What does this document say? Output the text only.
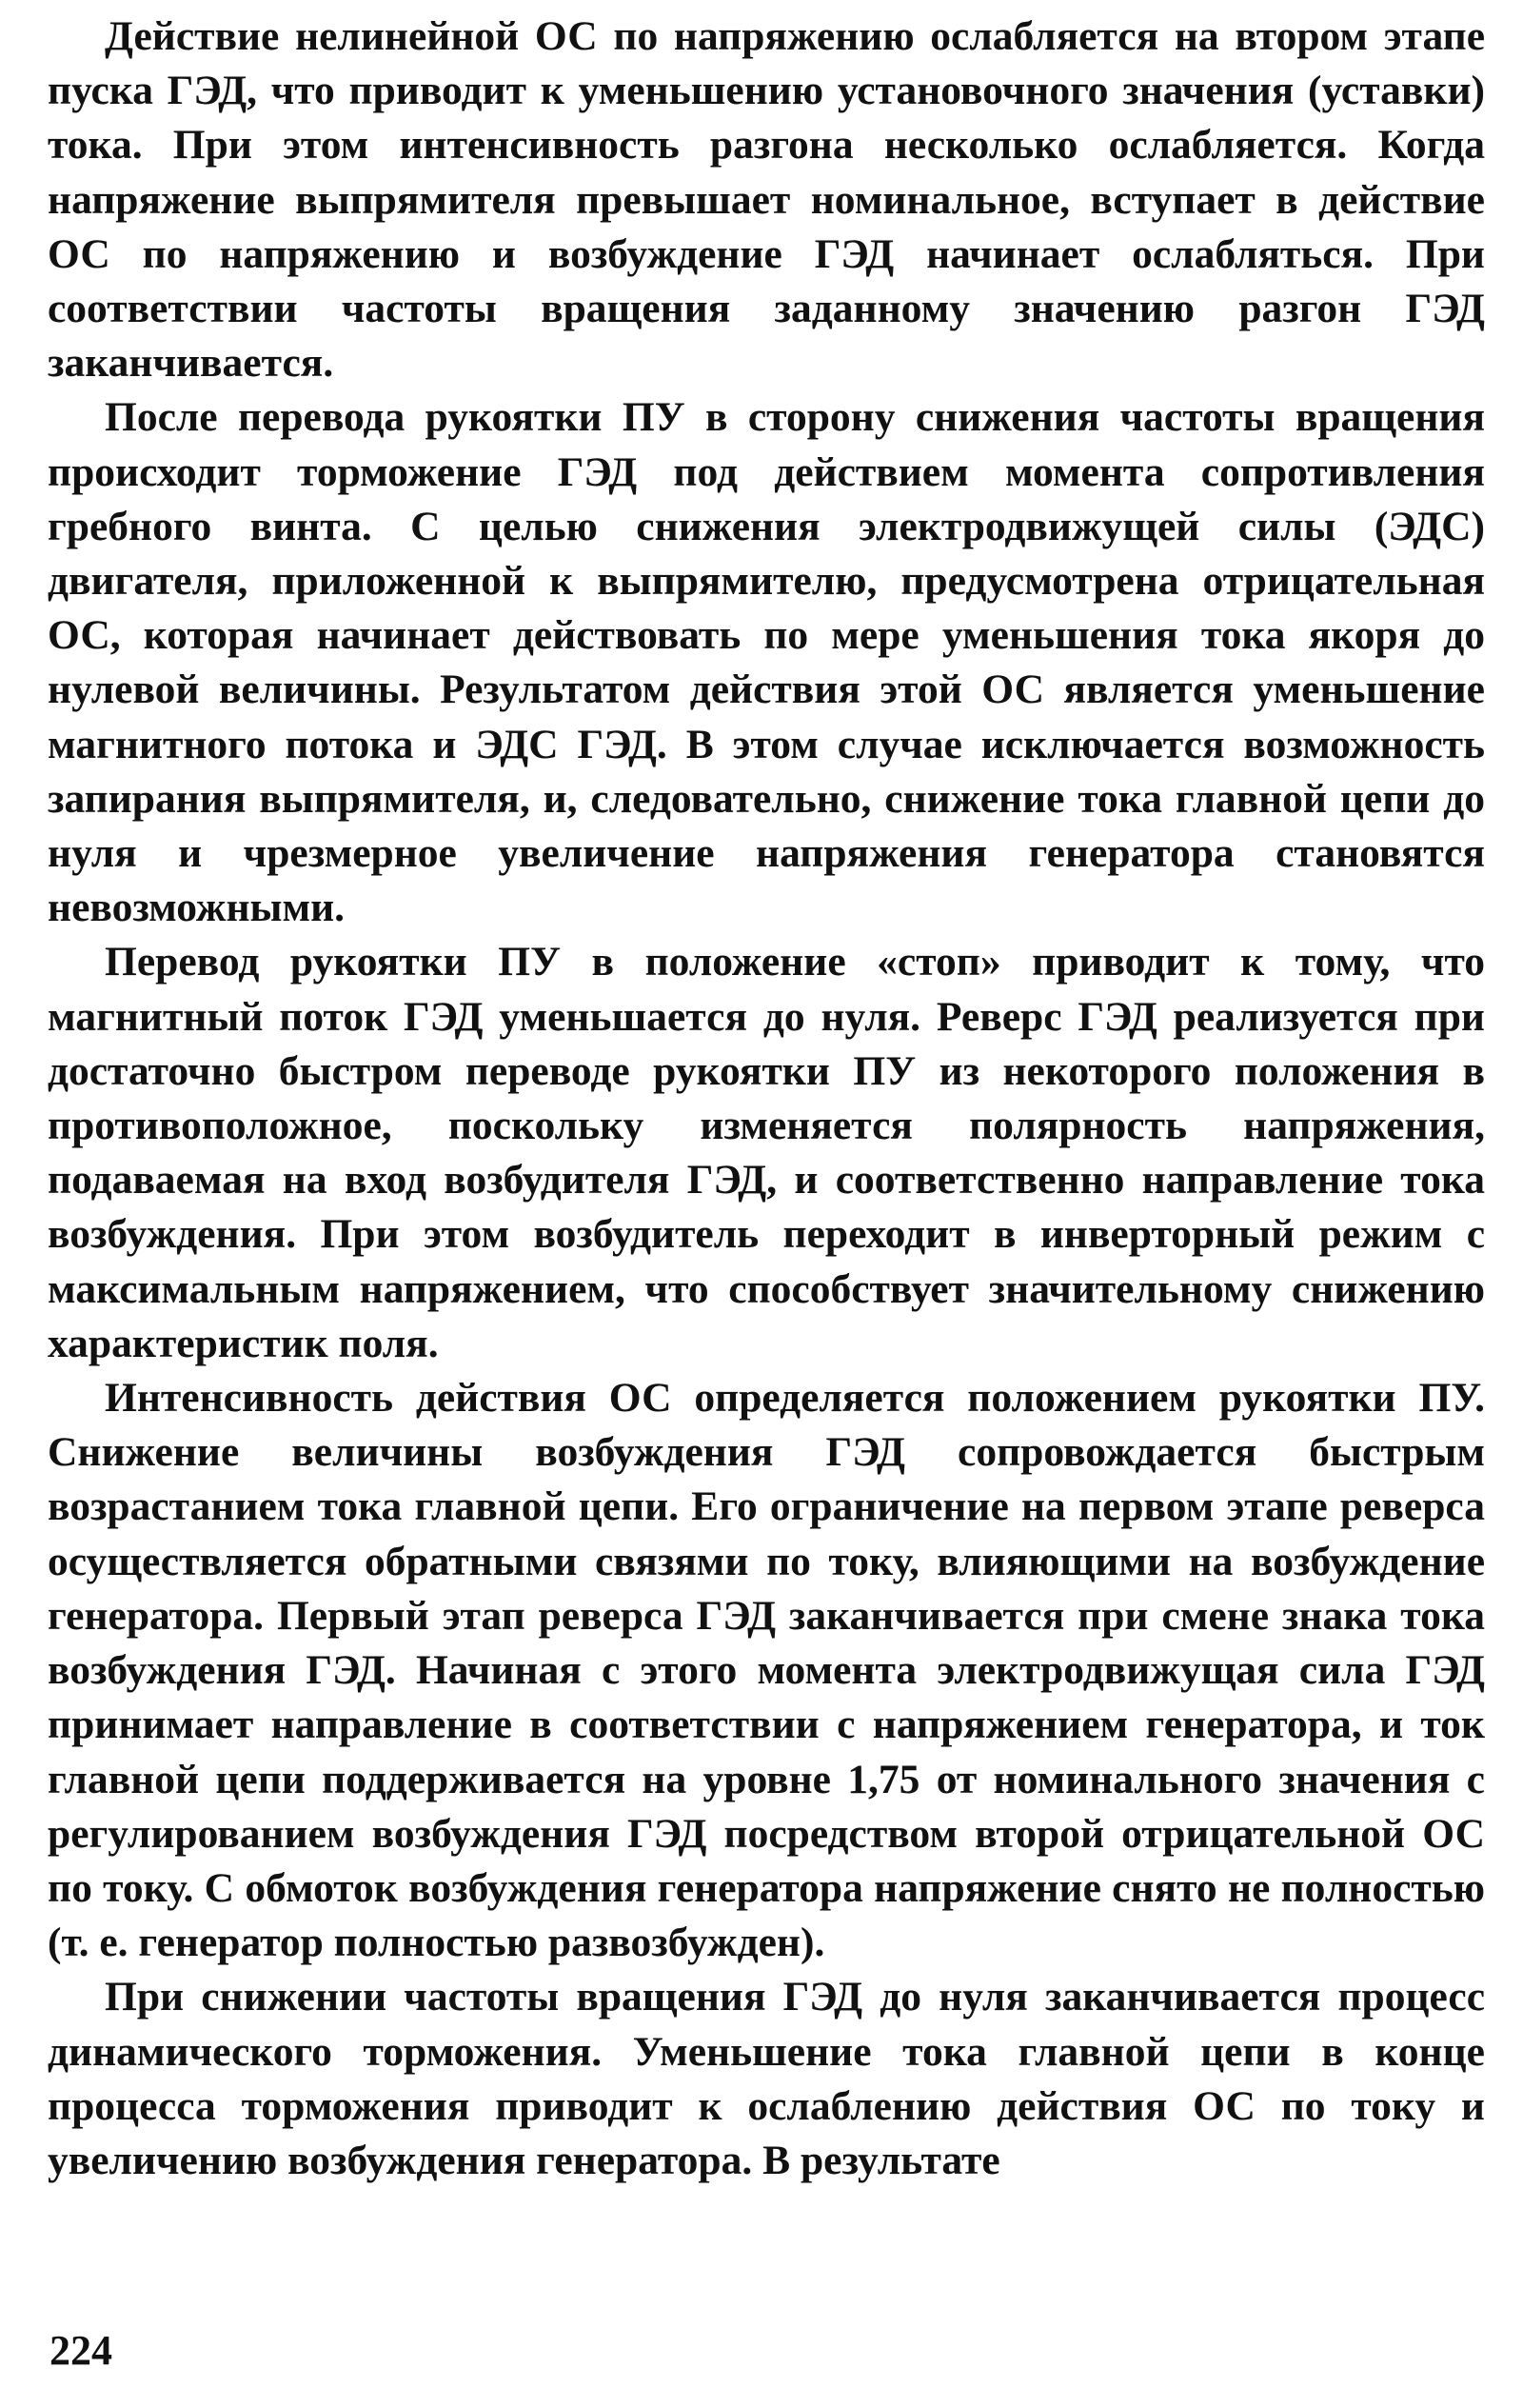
Действие нелинейной ОС по напряжению ослабляется на втором этапе пуска ГЭД, что приводит к уменьшению установочного значения (уставки) тока. При этом интенсивность разгона несколько ослабляется. Когда напряжение выпрямителя превышает номинальное, вступает в действие ОС по напряжению и возбуждение ГЭД начинает ослабляться. При соответствии частоты вращения заданному значению разгон ГЭД заканчивается.

После перевода рукоятки ПУ в сторону снижения частоты вращения происходит торможение ГЭД под действием момента сопротивления гребного винта. С целью снижения электродвижущей силы (ЭДС) двигателя, приложенной к выпрямителю, предусмотрена отрицательная ОС, которая начинает действовать по мере уменьшения тока якоря до нулевой величины. Результатом действия этой ОС является уменьшение магнитного потока и ЭДС ГЭД. В этом случае исключается возможность запирания выпрямителя, и, следовательно, снижение тока главной цепи до нуля и чрезмерное увеличение напряжения генератора становятся невозможными.

Перевод рукоятки ПУ в положение «стоп» приводит к тому, что магнитный поток ГЭД уменьшается до нуля. Реверс ГЭД реализуется при достаточно быстром переводе рукоятки ПУ из некоторого положения в противоположное, поскольку изменяется полярность напряжения, подаваемая на вход возбудителя ГЭД, и соответственно направление тока возбуждения. При этом возбудитель переходит в инверторный режим с максимальным напряжением, что способствует значительному снижению характеристик поля.

Интенсивность действия ОС определяется положением рукоятки ПУ. Снижение величины возбуждения ГЭД сопровождается быстрым возрастанием тока главной цепи. Его ограничение на первом этапе реверса осуществляется обратными связями по току, влияющими на возбуждение генератора. Первый этап реверса ГЭД заканчивается при смене знака тока возбуждения ГЭД. Начиная с этого момента электродвижущая сила ГЭД принимает направление в соответствии с напряжением генератора, и ток главной цепи поддерживается на уровне 1,75 от номинального значения с регулированием возбуждения ГЭД посредством второй отрицательной ОС по току. С обмоток возбуждения генератора напряжение снято не полностью (т. е. генератор полностью развозбужден).

При снижении частоты вращения ГЭД до нуля заканчивается процесс динамического торможения. Уменьшение тока главной цепи в конце процесса торможения приводит к ослаблению действия ОС по току и увеличению возбуждения генератора. В результате

224
